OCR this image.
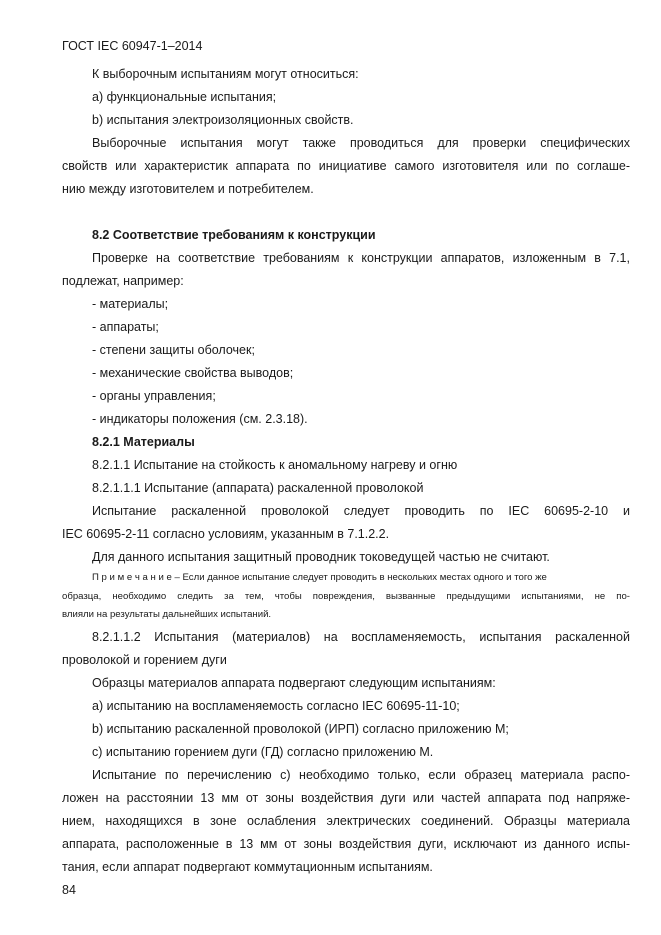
ГОСТ IEC 60947-1–2014
К выборочным испытаниям могут относиться:
a) функциональные испытания;
b) испытания электроизоляционных свойств.
Выборочные испытания могут также проводиться для проверки специфических
свойств или характеристик аппарата по инициативе самого изготовителя или по соглаше-
нию между изготовителем и потребителем.
8.2 Соответствие требованиям к конструкции
Проверке на соответствие требованиям к конструкции аппаратов, изложенным в 7.1,
подлежат, например:
- материалы;
- аппараты;
- степени защиты оболочек;
- механические свойства выводов;
- органы управления;
- индикаторы положения (см. 2.3.18).
8.2.1 Материалы
8.2.1.1 Испытание на стойкость к аномальному нагреву и огню
8.2.1.1.1 Испытание (аппарата) раскаленной проволокой
Испытание раскаленной проволокой следует проводить по IEC 60695-2-10 и
IEC 60695-2-11 согласно условиям, указанным в 7.1.2.2.
Для данного испытания защитный проводник токоведущей частью не считают.
П р и м е ч а н и е – Если данное испытание следует проводить в нескольких местах одного и того же
образца, необходимо следить за тем, чтобы повреждения, вызванные предыдущими испытаниями, не по-
влияли на результаты дальнейших испытаний.
8.2.1.1.2 Испытания (материалов) на воспламеняемость, испытания раскаленной
проволокой и горением дуги
Образцы материалов аппарата подвергают следующим испытаниям:
a) испытанию на воспламеняемость согласно IEC 60695-11-10;
b) испытанию раскаленной проволокой (ИРП) согласно приложению M;
c) испытанию горением дуги (ГД) согласно приложению M.
Испытание по перечислению с) необходимо только, если образец материала распо-
ложен на расстоянии 13 мм от зоны воздействия дуги или частей аппарата под напряже-
нием, находящихся в зоне ослабления электрических соединений. Образцы материала
аппарата, расположенные в 13 мм от зоны воздействия дуги, исключают из данного испы-
тания, если аппарат подвергают коммутационным испытаниям.
84
